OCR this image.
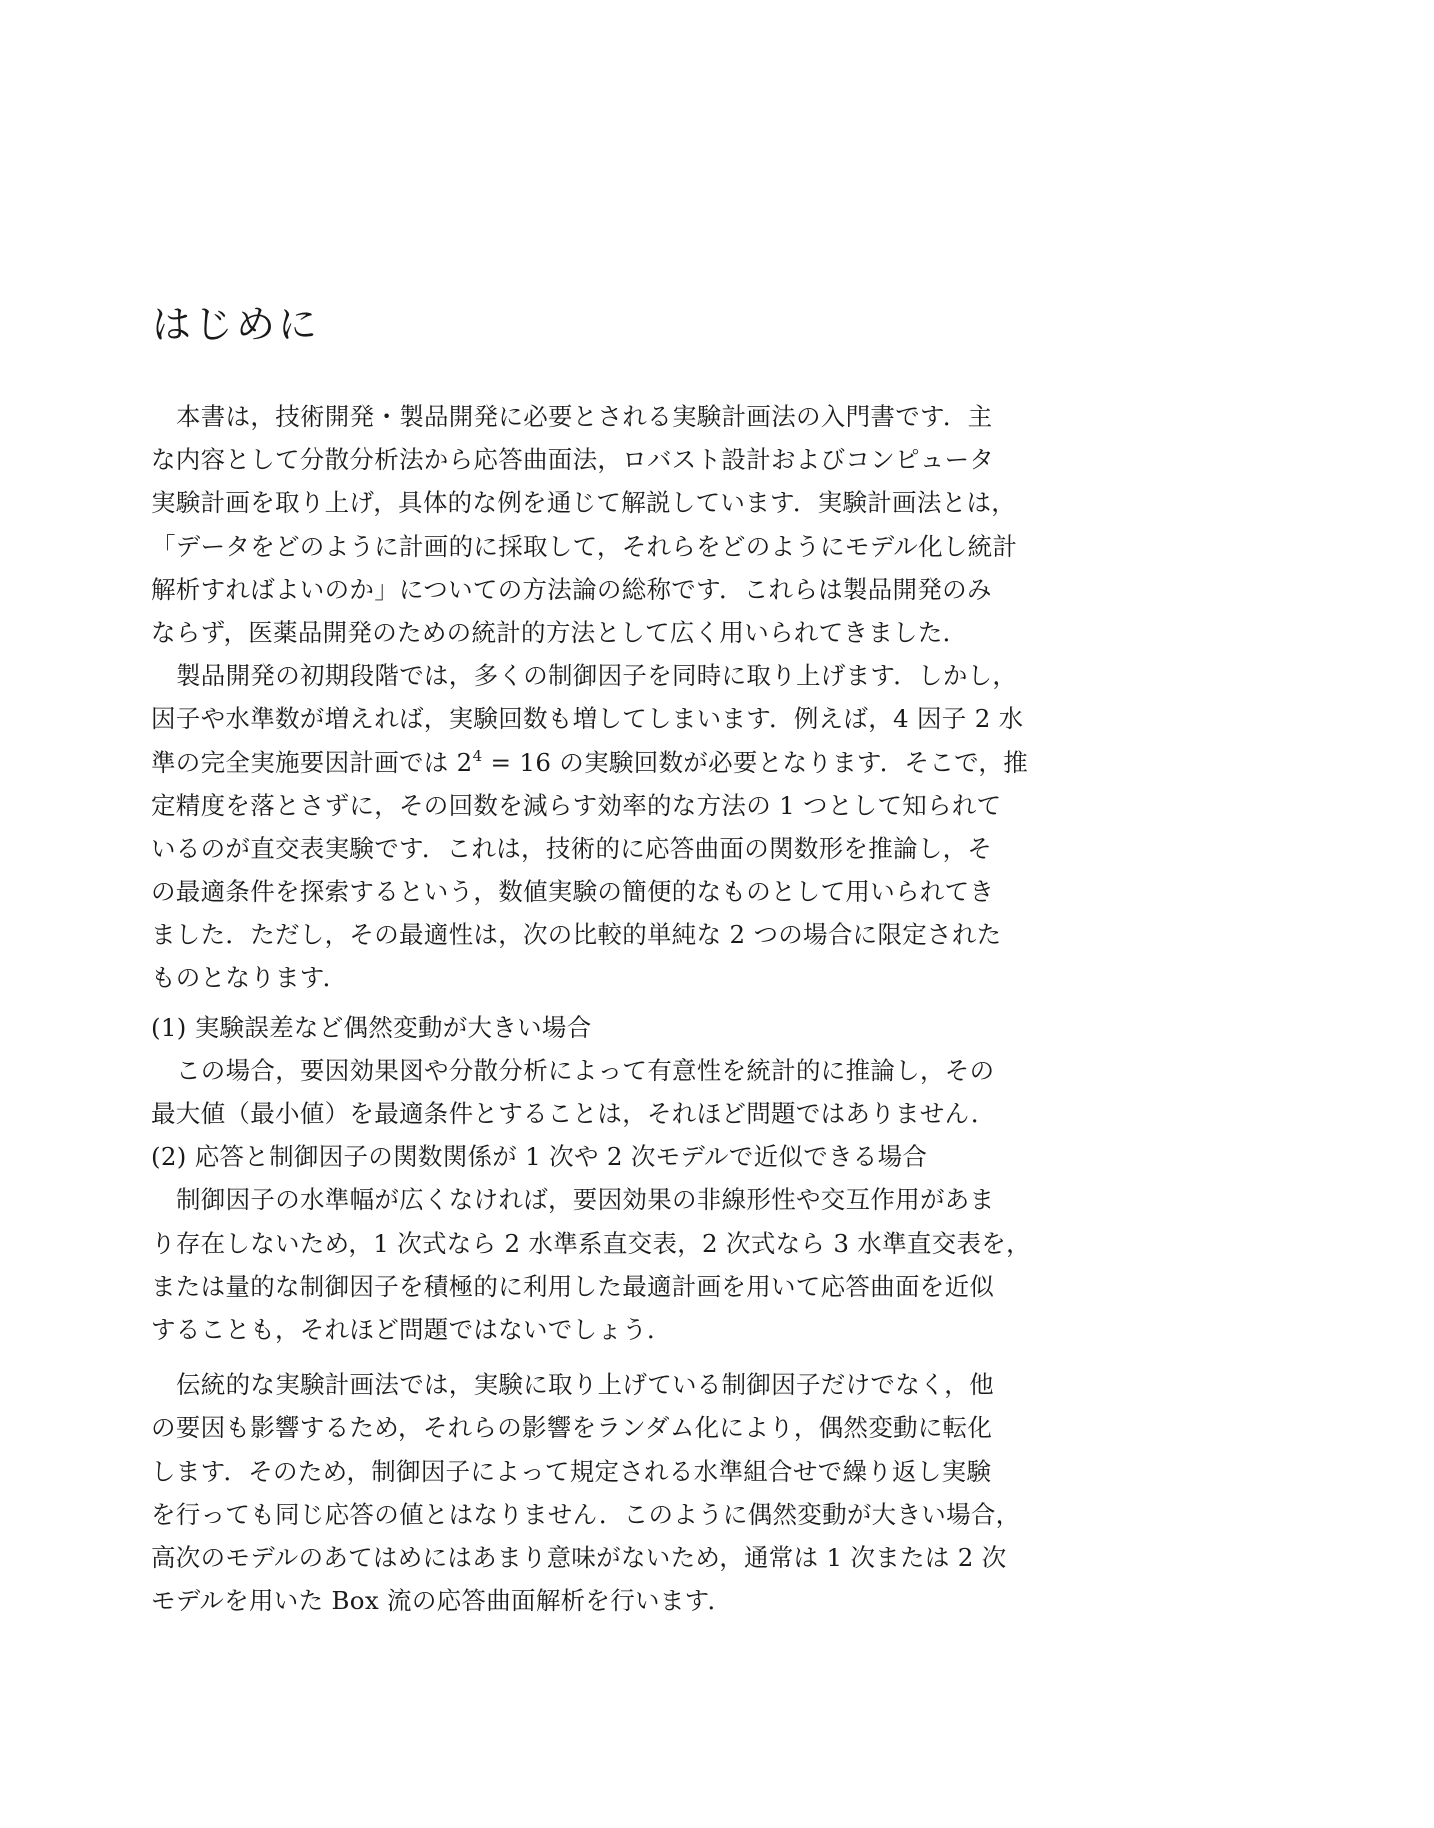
はじめに
本書は，技術開発・製品開発に必要とされる実験計画法の入門書です．主
な内容として分散分析法から応答曲面法，ロバスト設計およびコンピュータ
実験計画を取り上げ，具体的な例を通じて解説しています．実験計画法とは，
「データをどのように計画的に採取して，それらをどのようにモデル化し統計
解析すればよいのか」についての方法論の総称です．これらは製品開発のみ
ならず，医薬品開発のための統計的方法として広く用いられてきました．
製品開発の初期段階では，多くの制御因子を同時に取り上げます．しかし，
因子や水準数が増えれば，実験回数も増してしまいます．例えば，4 因子 2 水
準の完全実施要因計画では $2^4 = 16$ の実験回数が必要となります．そこで，推
定精度を落とさずに，その回数を減らす効率的な方法の 1 つとして知られて
いるのが直交表実験です．これは，技術的に応答曲面の関数形を推論し，そ
の最適条件を探索するという，数値実験の簡便的なものとして用いられてき
ました．ただし，その最適性は，次の比較的単純な 2 つの場合に限定された
ものとなります．
(1) 実験誤差など偶然変動が大きい場合
この場合，要因効果図や分散分析によって有意性を統計的に推論し，その
最大値（最小値）を最適条件とすることは，それほど問題ではありません．
(2) 応答と制御因子の関数関係が 1 次や 2 次モデルで近似できる場合
制御因子の水準幅が広くなければ，要因効果の非線形性や交互作用があま
り存在しないため，1 次式なら 2 水準系直交表，2 次式なら 3 水準直交表を，
または量的な制御因子を積極的に利用した最適計画を用いて応答曲面を近似
することも，それほど問題ではないでしょう．
伝統的な実験計画法では，実験に取り上げている制御因子だけでなく，他
の要因も影響するため，それらの影響をランダム化により，偶然変動に転化
します．そのため，制御因子によって規定される水準組合せで繰り返し実験
を行っても同じ応答の値とはなりません．このように偶然変動が大きい場合，
高次のモデルのあてはめにはあまり意味がないため，通常は 1 次または 2 次
モデルを用いた Box 流の応答曲面解析を行います．
